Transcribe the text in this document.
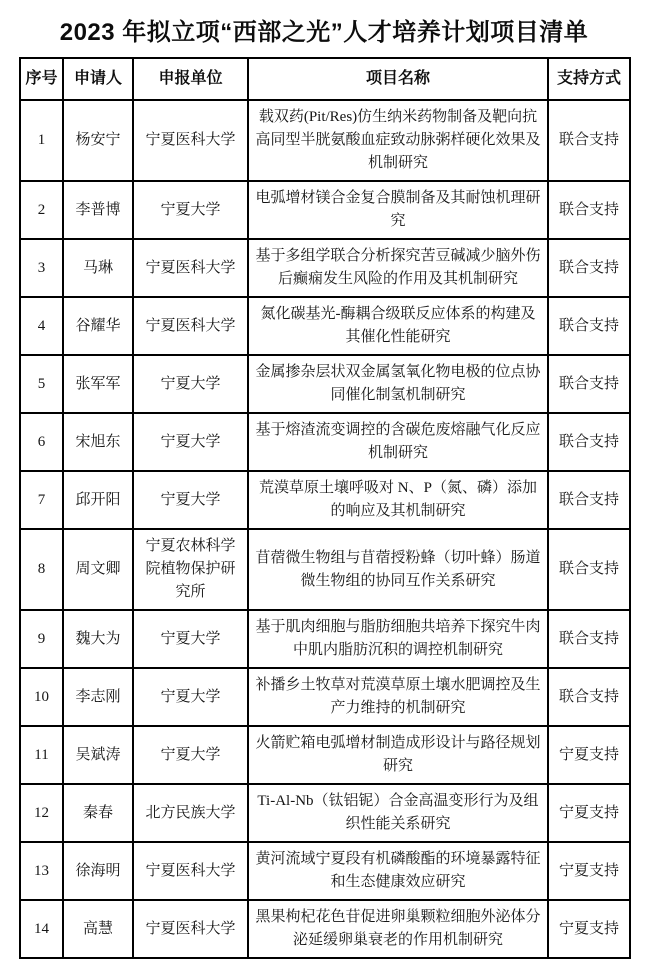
2023 年拟立项“西部之光”人才培养计划项目清单
序号	申请人	申报单位	项目名称	支持方式
1	杨安宁	宁夏医科大学	载双药(Pit/Res)仿生纳米药物制备及靶向抗高同型半胱氨酸血症致动脉粥样硬化效果及机制研究	联合支持
2	李普博	宁夏大学	电弧增材镁合金复合膜制备及其耐蚀机理研究	联合支持
3	马琳	宁夏医科大学	基于多组学联合分析探究苦豆碱减少脑外伤后癫痫发生风险的作用及其机制研究	联合支持
4	谷耀华	宁夏医科大学	氮化碳基光-酶耦合级联反应体系的构建及其催化性能研究	联合支持
5	张军军	宁夏大学	金属掺杂层状双金属氢氧化物电极的位点协同催化制氢机制研究	联合支持
6	宋旭东	宁夏大学	基于熔渣流变调控的含碳危废熔融气化反应机制研究	联合支持
7	邱开阳	宁夏大学	荒漠草原土壤呼吸对 N、P（氮、磷）添加的响应及其机制研究	联合支持
8	周文卿	宁夏农林科学院植物保护研究所	苜蓿微生物组与苜蓿授粉蜂（切叶蜂）肠道微生物组的协同互作关系研究	联合支持
9	魏大为	宁夏大学	基于肌肉细胞与脂肪细胞共培养下探究牛肉中肌内脂肪沉积的调控机制研究	联合支持
10	李志刚	宁夏大学	补播乡土牧草对荒漠草原土壤水肥调控及生产力维持的机制研究	联合支持
11	吴斌涛	宁夏大学	火箭贮箱电弧增材制造成形设计与路径规划研究	宁夏支持
12	秦春	北方民族大学	Ti-Al-Nb（钛铝铌）合金高温变形行为及组织性能关系研究	宁夏支持
13	徐海明	宁夏医科大学	黄河流域宁夏段有机磷酸酯的环境暴露特征和生态健康效应研究	宁夏支持
14	高慧	宁夏医科大学	黑果枸杞花色苷促进卵巢颗粒细胞外泌体分泌延缓卵巢衰老的作用机制研究	宁夏支持
